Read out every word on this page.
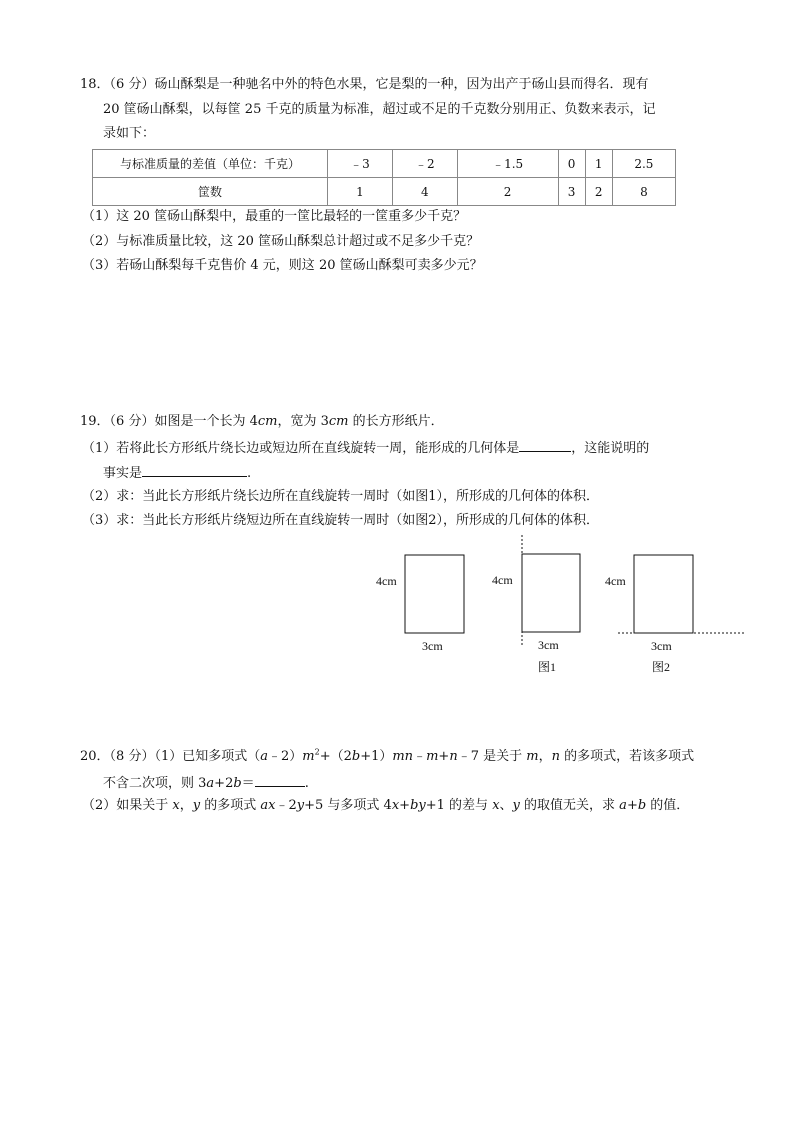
18．（6 分）砀山酥梨是一种驰名中外的特色水果，它是梨的一种，因为出产于砀山县而得名．现有
20 筐砀山酥梨，以每筐 25 千克的质量为标准，超过或不足的千克数分别用正、负数来表示，记
录如下：
与标准质量的差值（单位：千克）	﹣3	﹣2	﹣1.5	0	1	2.5
筐数	1	4	2	3	2	8
（1）这 20 筐砀山酥梨中，最重的一筐比最轻的一筐重多少千克？
（2）与标准质量比较，这 20 筐砀山酥梨总计超过或不足多少千克？
（3）若砀山酥梨每千克售价 4 元，则这 20 筐砀山酥梨可卖多少元？
19．（6 分）如图是一个长为 4cm，宽为 3cm 的长方形纸片．
（1）若将此长方形纸片绕长边或短边所在直线旋转一周，能形成的几何体是	，这能说明的
事实是	.
（2）求：当此长方形纸片绕长边所在直线旋转一周时（如图1），所形成的几何体的体积．
（3）求：当此长方形纸片绕短边所在直线旋转一周时（如图2），所形成的几何体的体积．
4cm
3cm
4cm
3cm
图1
4cm
3cm
图2
20．（8 分）（1）已知多项式$(a﹣2)m^2+(2b+1)mn﹣m+n﹣7$ 是关于 m，n 的多项式，若该多项式
不含二次项，则 3a+2b＝	.
（2）如果关于 x，y 的多项式 ax﹣2y+5 与多项式 4x+by+1 的差与 x、y 的取值无关，求 a+b 的值．
